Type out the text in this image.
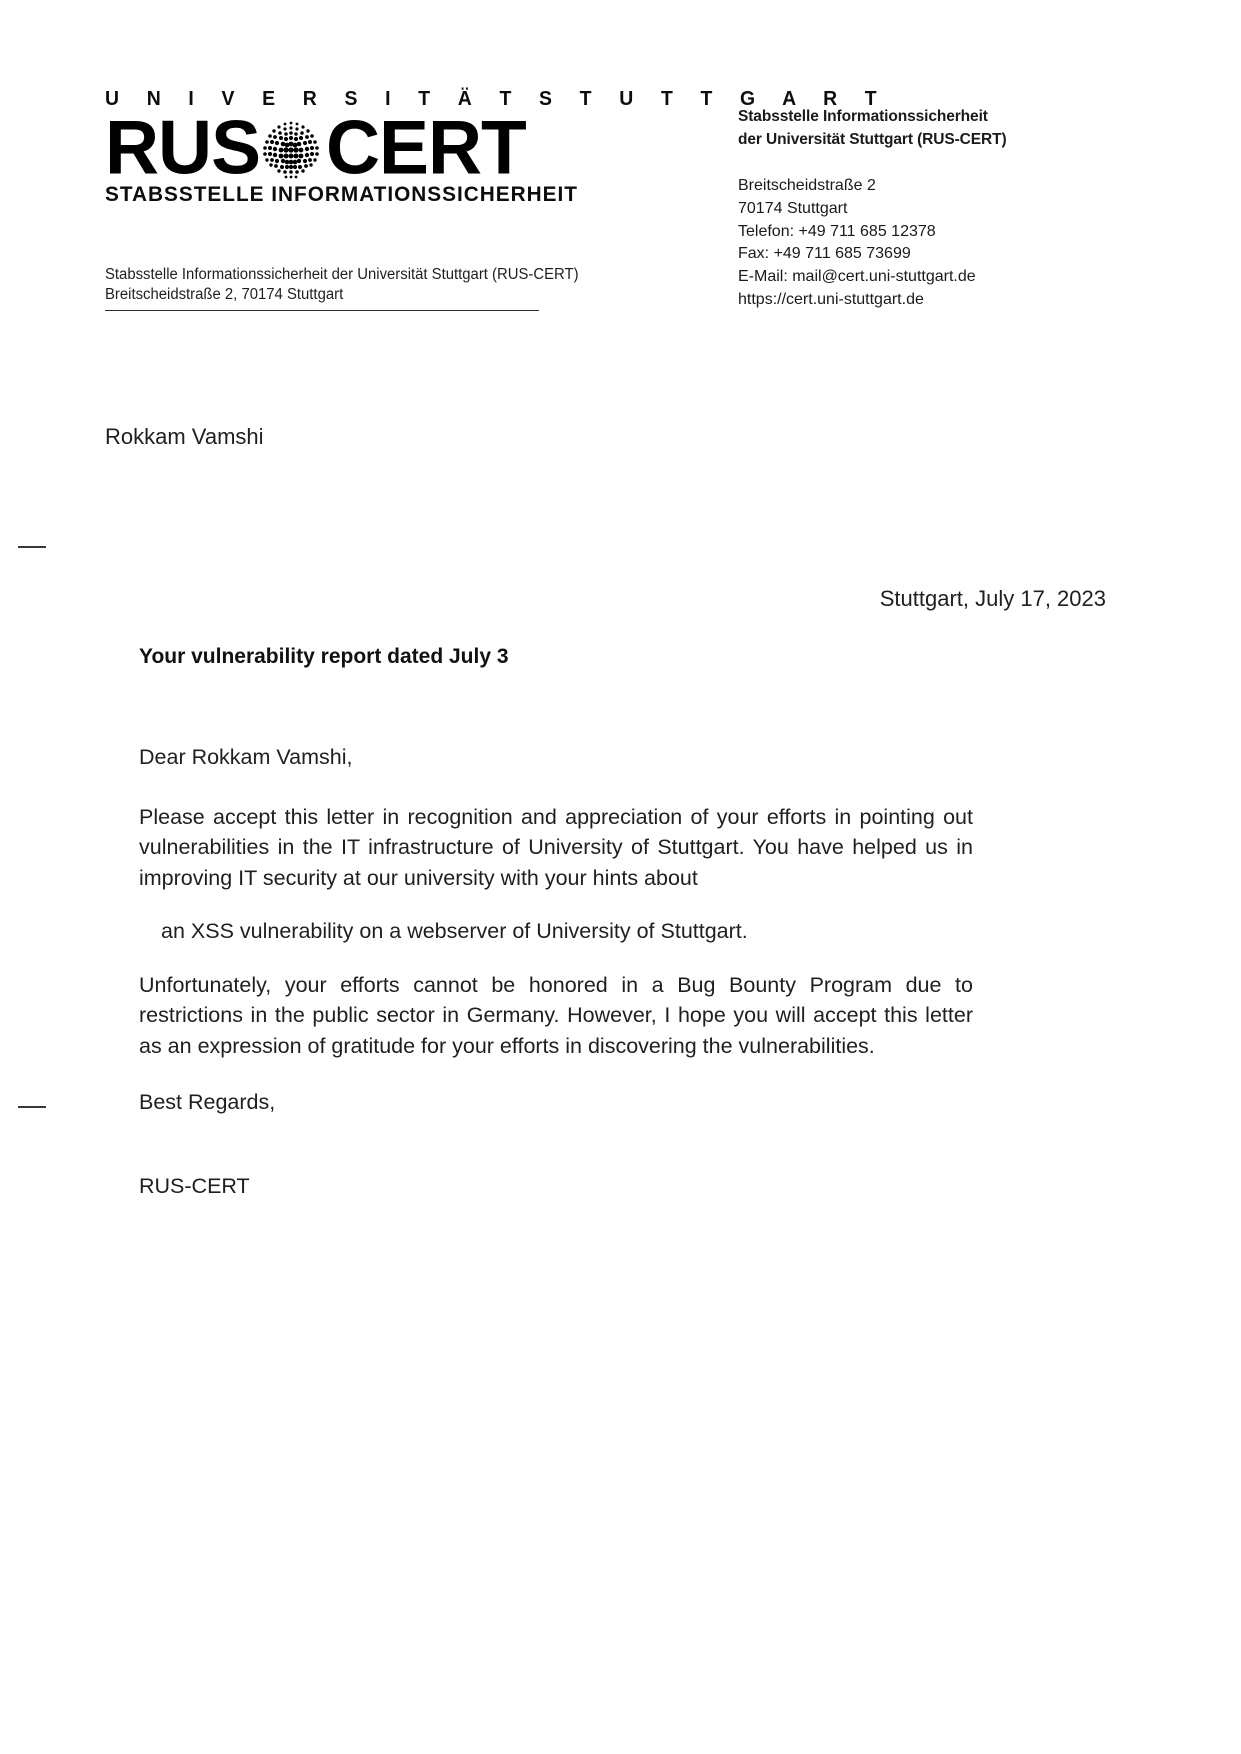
U N I V E R S I T Ä T S T U T T G A R T
RUS CERT
STABSSTELLE INFORMATIONSSICHERHEIT
Stabsstelle Informationssicherheit der Universität Stuttgart (RUS-CERT)
Breitscheidstraße 2, 70174 Stuttgart
Stabsstelle Informationssicherheit
der Universität Stuttgart (RUS-CERT)
Breitscheidstraße 2
70174 Stuttgart
Telefon: +49 711 685 12378
Fax: +49 711 685 73699
E-Mail: mail@cert.uni-stuttgart.de
https://cert.uni-stuttgart.de
Rokkam Vamshi
Stuttgart, July 17, 2023
Your vulnerability report dated July 3

Dear Rokkam Vamshi,

Please accept this letter in recognition and appreciation of your efforts in pointing out vulnerabilities in the IT infrastructure of University of Stuttgart. You have helped us in improving IT security at our university with your hints about

an XSS vulnerability on a webserver of University of Stuttgart.

Unfortunately, your efforts cannot be honored in a Bug Bounty Program due to restrictions in the public sector in Germany. However, I hope you will accept this letter as an expression of gratitude for your efforts in discovering the vulnerabilities.

Best Regards,

RUS-CERT
